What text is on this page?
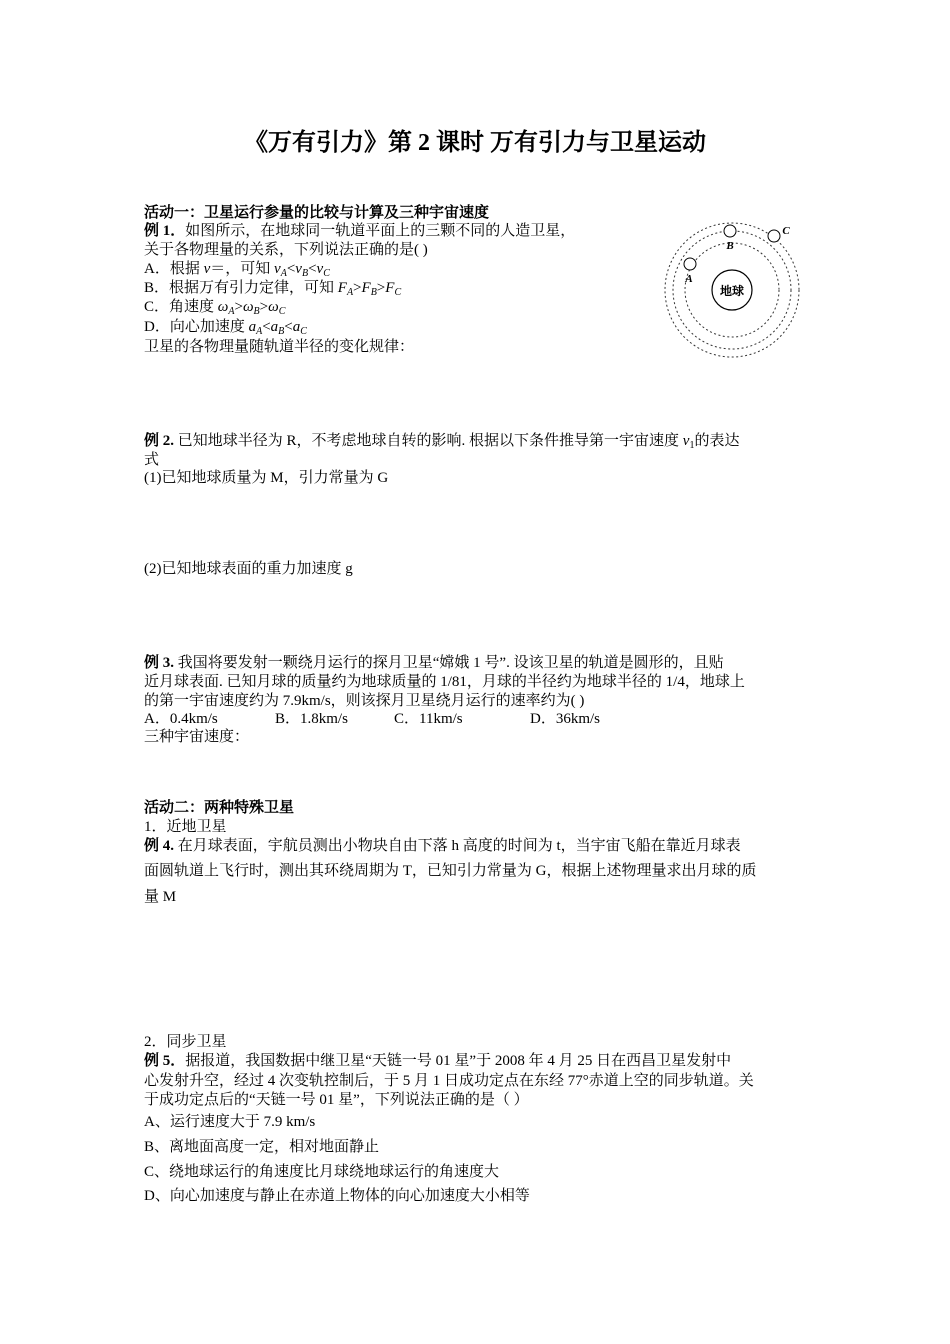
《万有引力》第 2 课时 万有引力与卫星运动
活动一：卫星运行参量的比较与计算及三种宇宙速度
例 1．如图所示，在地球同一轨道平面上的三颗不同的人造卫星，
关于各物理量的关系，下列说法正确的是( )
A．根据 v＝，可知 $v_A<v_B<v_C$
B．根据万有引力定律，可知 $F_A>F_B>F_C$
C．角速度 $\omega_A>\omega_B>\omega_C$
D．向心加速度 $a_A<a_B<a_C$
卫星的各物理量随轨道半径的变化规律：
地球
A
B
C
例 2. 已知地球半径为 R，不考虑地球自转的影响. 根据以下条件推导第一宇宙速度 $v_1$的表达
式
(1)已知地球质量为 M，引力常量为 G
(2)已知地球表面的重力加速度 g
例 3. 我国将要发射一颗绕月运行的探月卫星“嫦娥 1 号”. 设该卫星的轨道是圆形的，且贴
近月球表面. 已知月球的质量约为地球质量的 1/81，月球的半径约为地球半径的 1/4，地球上
的第一宇宙速度约为 7.9km/s，则该探月卫星绕月运行的速率约为( )
A．0.4km/s	B．1.8km/s	C．11km/s	D．36km/s
三种宇宙速度：
活动二：两种特殊卫星
1．近地卫星
例 4. 在月球表面，宇航员测出小物块自由下落 h 高度的时间为 t，当宇宙飞船在靠近月球表
面圆轨道上飞行时，测出其环绕周期为 T，已知引力常量为 G，根据上述物理量求出月球的质
量 M
2．同步卫星
例 5．据报道，我国数据中继卫星“天链一号 01 星”于 2008 年 4 月 25 日在西昌卫星发射中
心发射升空，经过 4 次变轨控制后，于 5 月 1 日成功定点在东经 77°赤道上空的同步轨道。关
于成功定点后的“天链一号 01 星”，下列说法正确的是（ ）
A、运行速度大于 7.9 km/s
B、离地面高度一定，相对地面静止
C、绕地球运行的角速度比月球绕地球运行的角速度大
D、向心加速度与静止在赤道上物体的向心加速度大小相等
